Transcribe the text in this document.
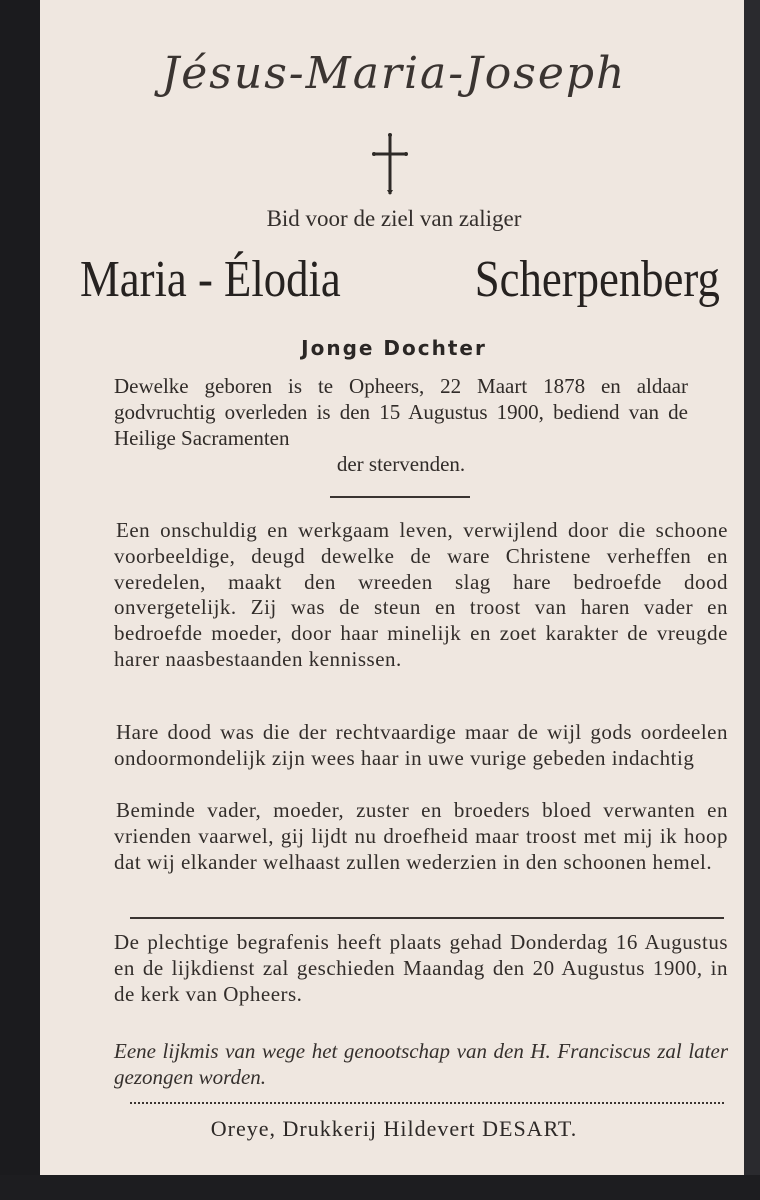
Jésus-Maria-Joseph
Bid voor de ziel van zaliger
Maria - Élodia	Scherpenberg
Jonge Dochter
Dewelke geboren is te Opheers, 22 Maart 1878 en aldaar godvruchtig overleden is den 15 Augustus 1900, bediend van de Heilige Sacramenten
der stervenden.
Een onschuldig en werkgaam leven, verwijlend door die schoone voorbeeldige, deugd dewelke de ware Christene verheffen en veredelen, maakt den wreeden slag hare bedroefde dood onvergetelijk. Zij was de steun en troost van haren vader en bedroefde moeder, door haar minelijk en zoet karakter de vreugde harer naasbestaanden kennissen.
Hare dood was die der rechtvaardige maar de wijl gods oordeelen ondoormondelijk zijn wees haar in uwe vurige gebeden indachtig
Beminde vader, moeder, zuster en broeders bloed verwanten en vrienden vaarwel, gij lijdt nu droefheid maar troost met mij ik hoop dat wij elkander welhaast zullen wederzien in den schoonen hemel.
De plechtige begrafenis heeft plaats gehad Donderdag 16 Augustus en de lijkdienst zal geschieden Maandag den 20 Augustus 1900, in de kerk van Opheers.
Eene lijkmis van wege het genootschap van den H. Franciscus zal later gezongen worden.
Oreye, Drukkerij Hildevert DESART.
